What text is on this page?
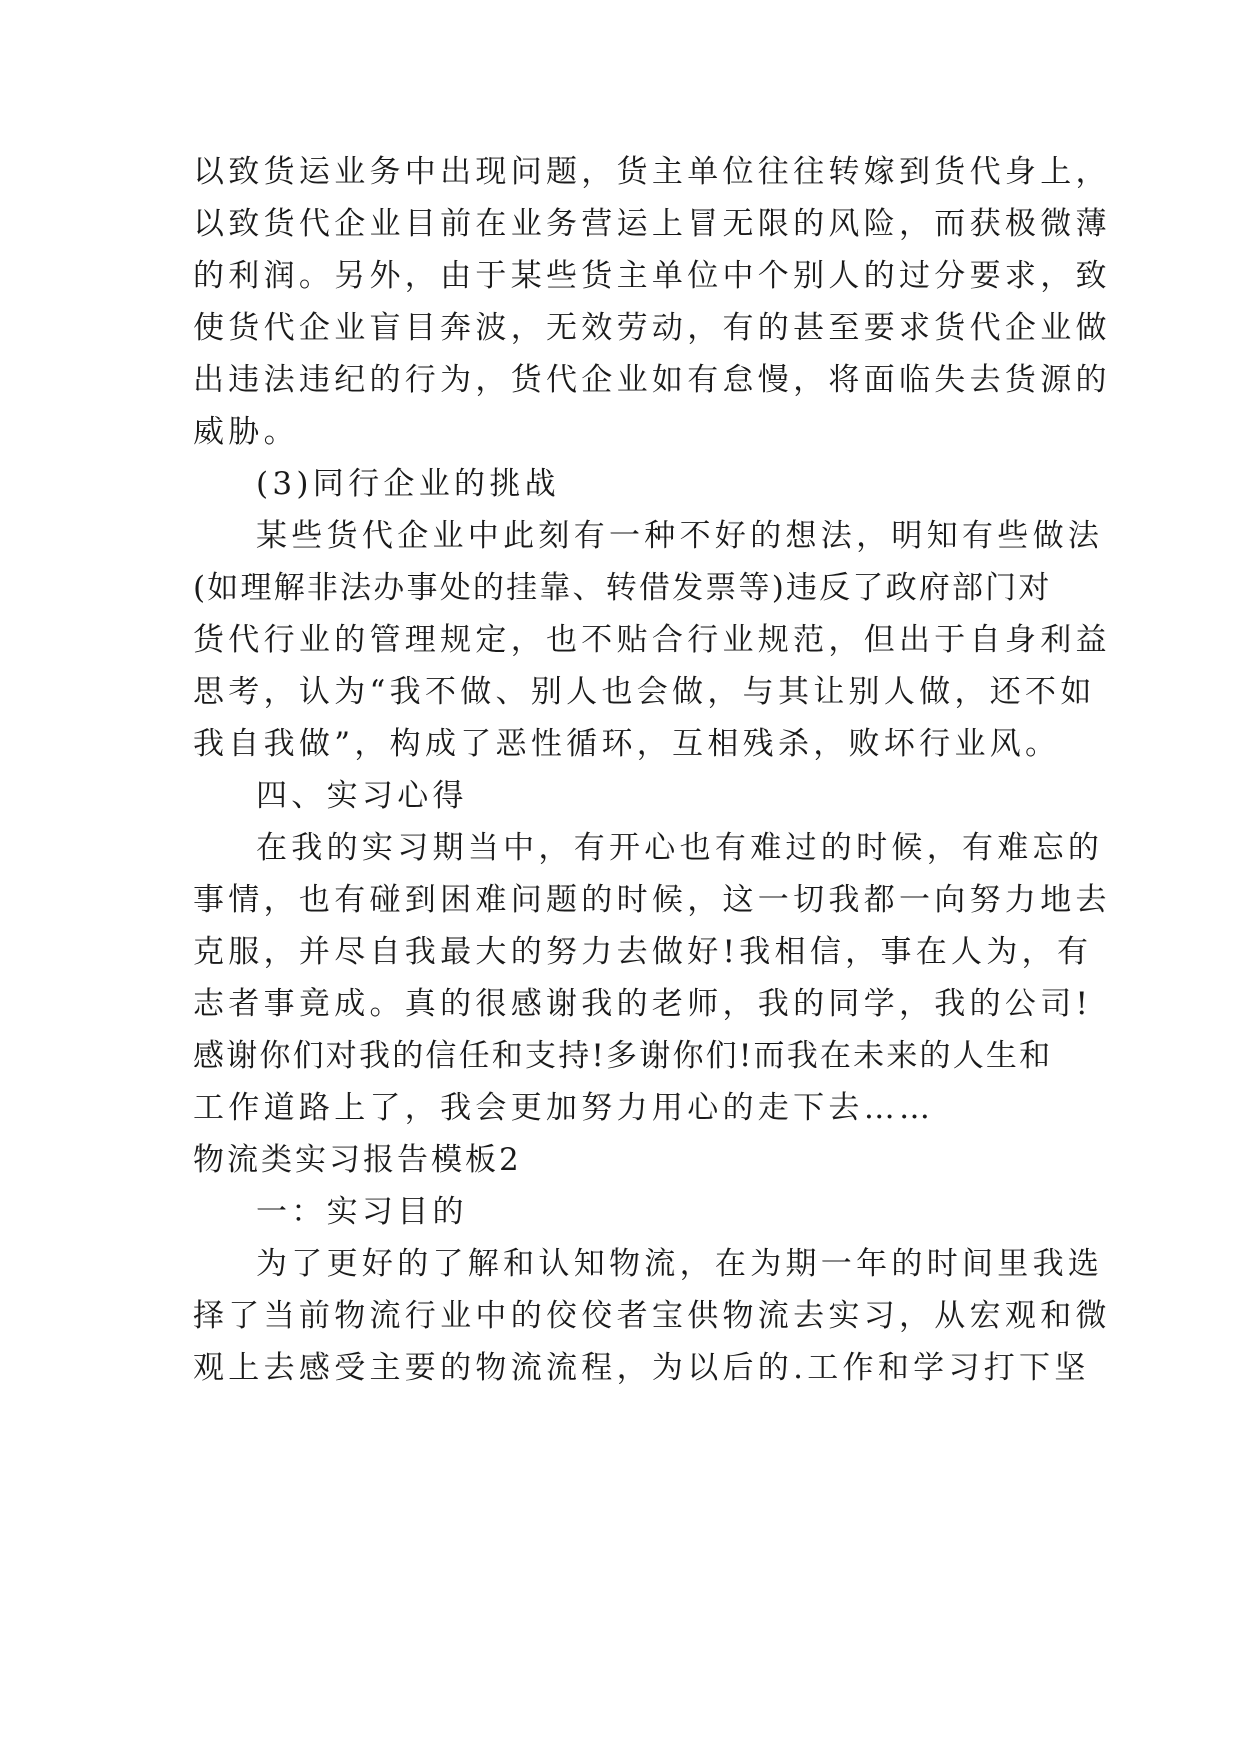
以致货运业务中出现问题，货主单位往往转嫁到货代身上，
以致货代企业目前在业务营运上冒无限的风险，而获极微薄
的利润。另外，由于某些货主单位中个别人的过分要求，致
使货代企业盲目奔波，无效劳动，有的甚至要求货代企业做
出违法违纪的行为，货代企业如有怠慢，将面临失去货源的
威胁。
(3)同行企业的挑战
某些货代企业中此刻有一种不好的想法，明知有些做法
(如理解非法办事处的挂靠、转借发票等)违反了政府部门对
货代行业的管理规定，也不贴合行业规范，但出于自身利益
思考，认为“我不做、别人也会做，与其让别人做，还不如
我自我做”，构成了恶性循环，互相残杀，败坏行业风。
四、实习心得
在我的实习期当中，有开心也有难过的时候，有难忘的
事情，也有碰到困难问题的时候，这一切我都一向努力地去
克服，并尽自我最大的努力去做好!我相信，事在人为，有
志者事竟成。真的很感谢我的老师，我的同学，我的公司!
感谢你们对我的信任和支持!多谢你们!而我在未来的人生和
工作道路上了，我会更加努力用心的走下去……
物流类实习报告模板2
一：实习目的
为了更好的了解和认知物流，在为期一年的时间里我选
择了当前物流行业中的佼佼者宝供物流去实习，从宏观和微
观上去感受主要的物流流程，为以后的.工作和学习打下坚
